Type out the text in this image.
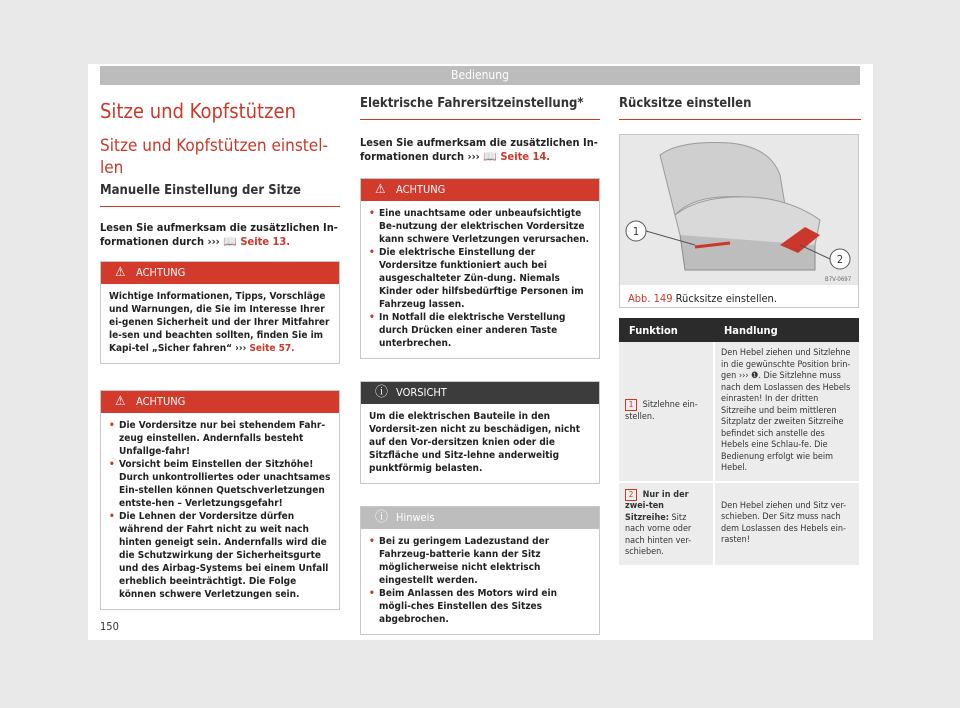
Bedienung
Sitze und Kopfstützen
Sitze und Kopfstützen einstel-len
Manuelle Einstellung der Sitze
Lesen Sie aufmerksam die zusätzlichen In-formationen durch ››› 📖 Seite 13.
⚠ ACHTUNG
Wichtige Informationen, Tipps, Vorschläge und Warnungen, die Sie im Interesse Ihrer ei-genen Sicherheit und der Ihrer Mitfahrer le-sen und beachten sollten, finden Sie im Kapi-tel „Sicher fahren“ ››› Seite 57.
⚠ ACHTUNG
• Die Vordersitze nur bei stehendem Fahr-zeug einstellen. Andernfalls besteht Unfallge-fahr!
• Vorsicht beim Einstellen der Sitzhöhe! Durch unkontrolliertes oder unachtsames Ein-stellen können Quetschverletzungen entste-hen – Verletzungsgefahr!
• Die Lehnen der Vordersitze dürfen während der Fahrt nicht zu weit nach hinten geneigt sein. Andernfalls wird die die Schutzwirkung der Sicherheitsgurte und des Airbag-Systems bei einem Unfall erheblich beeinträchtigt. Die Folge können schwere Verletzungen sein.
Elektrische Fahrersitzeinstellung*
Lesen Sie aufmerksam die zusätzlichen In-formationen durch ››› 📖 Seite 14.
⚠ ACHTUNG
• Eine unachtsame oder unbeaufsichtigte Be-nutzung der elektrischen Vordersitze kann schwere Verletzungen verursachen.
• Die elektrische Einstellung der Vordersitze funktioniert auch bei ausgeschalteter Zün-dung. Niemals Kinder oder hilfsbedürftige Personen im Fahrzeug lassen.
• In Notfall die elektrische Verstellung durch Drücken einer anderen Taste unterbrechen.
ⓘ VORSICHT
Um die elektrischen Bauteile in den Vordersit-zen nicht zu beschädigen, nicht auf den Vor-dersitzen knien oder die Sitzfläche und Sitz-lehne anderweitig punktförmig belasten.
ⓘ Hinweis
• Bei zu geringem Ladezustand der Fahrzeug-batterie kann der Sitz möglicherweise nicht elektrisch eingestellt werden.
• Beim Anlassen des Motors wird ein mögli-ches Einstellen des Sitzes abgebrochen.
Rücksitze einstellen
1
2
B7V-0697
Abb. 149 Rücksitze einstellen.
Funktion	Handlung
1 Sitzlehne ein-stellen.	Den Hebel ziehen und Sitzlehne in die gewünschte Position brin-gen ››› ❶. Die Sitzlehne muss nach dem Loslassen des Hebels einrasten! In der dritten Sitzreihe und beim mittleren Sitzplatz der zweiten Sitzreihe befindet sich anstelle des Hebels eine Schlau-fe. Die Bedienung erfolgt wie beim Hebel.
2 Nur in der zwei-ten Sitzreihe: Sitz nach vorne oder nach hinten ver-schieben.	Den Hebel ziehen und Sitz ver-schieben. Der Sitz muss nach dem Loslassen des Hebels ein-rasten!
150
